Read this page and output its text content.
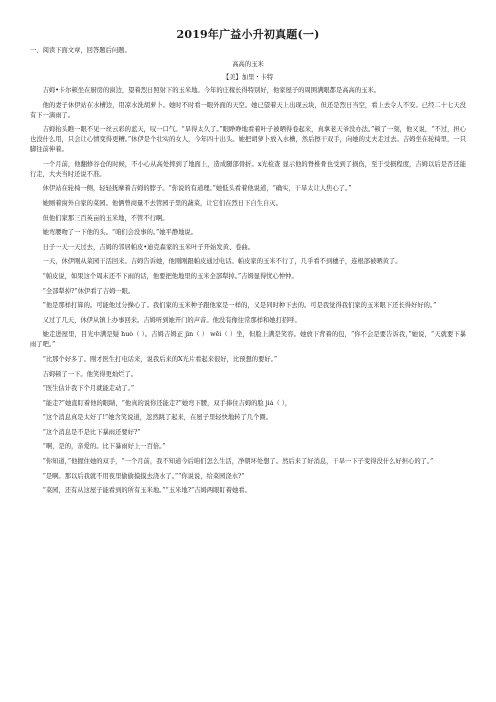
2019年广益小升初真题(一)
一、阅读下面文章，回答题后问题。
高高的玉米
【美】加里・卡特

吉姆•卡尔顿坐在厨房的窗边，望着烈日照射下的玉米地。今年的庄稼长得特别好，他家屋子的周围满眼都是高高的玉米。

他的妻子休伊站在水槽边，用凉水洗胡萝卜。她时不时看一眼外面的天空。她已望着天上出现云块，但还是烈日当空，看上去令人不安。已经二十七天没有下一滴雨了。

吉姆抬头瞧一眼不见一丝云彩的蓝天，叹一口气。“旱得太久了。”眼睁睁地看着叶子被晒得卷起来，真拿老天爷没办法。”顿了一刻，他又说，“不过，担心也没什么用，只会让心情变得更糟。”休伊是个壮实的女人，今年四十出头。她把胡萝卜放入水槽，然后擦干双手，向她的丈夫走过去。吉姆坐在轮椅里，一只脚往前伸着。

一个月前，他翻修谷仓的时候，不小心从高处摔到了地面上，造成腿部骨折。x光检查 显示他的脊椎骨也受到了损伤，至于受损程度，吉姆以后是否还能行走，大夫当时还说不准。

休伊站在轮椅一侧，轻轻抚摩着吉姆的脖子。“你说的有道理。”她低头看着他说道，“确实，干旱太让人焦心了。”

她厕着窗外自家的菜园。他俩曾商量不去管园子里的蔬菜，让它们在烈日下自生自灭。

但他们家那三百英亩的玉米地，不管不行啊。

她弯腰吻了一下他的头。“咱们会没事的。”她平静地说。

日子一天一天过去，吉姆的邻居帕皮•迪克森家的玉米叶子开始发黄、卷曲。

一天，休伊刚从菜园干活回来。吉姆告诉她，他刚刚跟帕皮通过电话。帕皮家的玉米不行了，几乎看不到穗子，连根部被晒黄了。

“帕皮说，如果这个周末还不下雨的话，他要把他地里的玉米全部犁掉。”吉姆显得忧心忡忡。

“全部犁掉?”休伊看了吉姆一眼。

“他是那样打算的。可能他过分操心了。我们家的玉米种子跟他家是一样的，又是同时种下去的。可是我觉得我们家的玉米眼下还长得好好的。”

又过了几天，休伊从镇上办事回来。吉姆听到她开门的声音。他没有像往常那样和她打招呼。

她走进屋里，目光中满是疑 huò（ ）。吉姆吉姆正 jìn（ ） wēi（ ）坐，但脸上满是笑容。她放下背着的包，“你不会是要告诉我，”她说，“天就要下暴雨了吧。”

“比那个好多了。刚才医生打电话来，说我后来的X光片看起来很好，比预想的要好。”

吉姆顿了一下。他笑得更灿烂了。

“医生估计我下个月就能走动了。”

“能走?”她直盯着他的眼睛，“他真的说你还能走?”她弯下腰，双手捧住吉姆的脸 jiá（ ），

“这个消息真是太好了!”她含笑说道，忽然跳了起来，在屋子里轻快地转了几个圈。

“这个消息是不是比下暴雨还要好?”

“啊，是的，亲爱的。比下暴雨好上一百倍。”

“你知道，”他握住她的双手，“一个月前，我不知道今后咱们怎么生活，净朝坏处想了。然后来了好消息，干旱一下子变得没什么好担心的了。”

“是啊。那以后我就不用夜里偷偷摸摸去浇水了。”“你说说，给菜园浇水?”

“菜园，还有从这屋子能看到的所有玉米地。”“玉米地?”吉姆两眼盯着她看。
